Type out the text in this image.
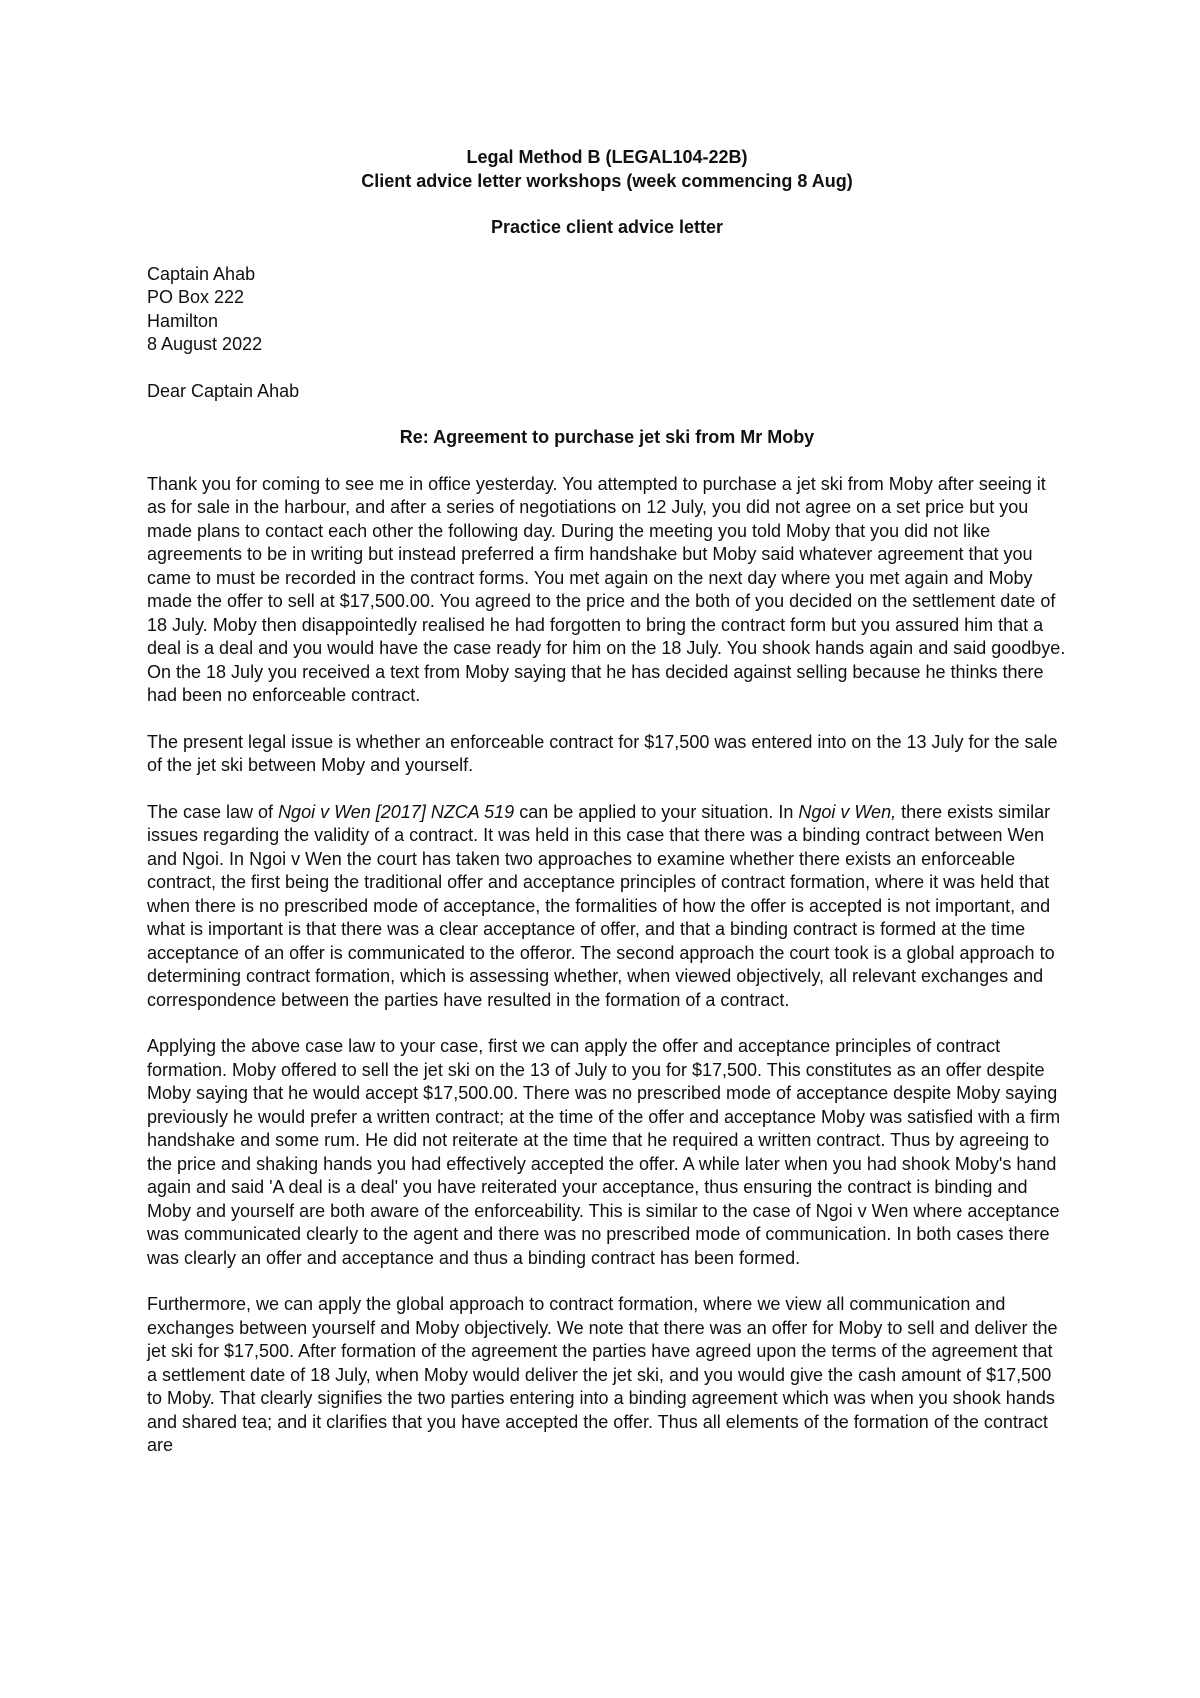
Legal Method B (LEGAL104-22B)
Client advice letter workshops (week commencing 8 Aug)
Practice client advice letter
Captain Ahab
PO Box 222
Hamilton
8 August 2022
Dear Captain Ahab
Re: Agreement to purchase jet ski from Mr Moby

Thank you for coming to see me in office yesterday. You attempted to purchase a jet ski from Moby after seeing it as for sale in the harbour, and after a series of negotiations on 12 July, you did not agree on a set price but you made plans to contact each other the following day. During the meeting you told Moby that you did not like agreements to be in writing but instead preferred a firm handshake but Moby said whatever agreement that you came to must be recorded in the contract forms. You met again on the next day where you met again and Moby made the offer to sell at $17,500.00. You agreed to the price and the both of you decided on the settlement date of 18 July. Moby then disappointedly realised he had forgotten to bring the contract form but you assured him that a deal is a deal and you would have the case ready for him on the 18 July. You shook hands again and said goodbye. On the 18 July you received a text from Moby saying that he has decided against selling because he thinks there had been no enforceable contract.

The present legal issue is whether an enforceable contract for $17,500 was entered into on the 13 July for the sale of the jet ski between Moby and yourself.

The case law of Ngoi v Wen [2017] NZCA 519 can be applied to your situation. In Ngoi v Wen, there exists similar issues regarding the validity of a contract. It was held in this case that there was a binding contract between Wen and Ngoi. In Ngoi v Wen the court has taken two approaches to examine whether there exists an enforceable contract, the first being the traditional offer and acceptance principles of contract formation, where it was held that when there is no prescribed mode of acceptance, the formalities of how the offer is accepted is not important, and what is important is that there was a clear acceptance of offer, and that a binding contract is formed at the time acceptance of an offer is communicated to the offeror. The second approach the court took is a global approach to determining contract formation, which is assessing whether, when viewed objectively, all relevant exchanges and correspondence between the parties have resulted in the formation of a contract.

Applying the above case law to your case, first we can apply the offer and acceptance principles of contract formation. Moby offered to sell the jet ski on the 13 of July to you for $17,500. This constitutes as an offer despite Moby saying that he would accept $17,500.00. There was no prescribed mode of acceptance despite Moby saying previously he would prefer a written contract; at the time of the offer and acceptance Moby was satisfied with a firm handshake and some rum. He did not reiterate at the time that he required a written contract. Thus by agreeing to the price and shaking hands you had effectively accepted the offer. A while later when you had shook Moby's hand again and said 'A deal is a deal' you have reiterated your acceptance, thus ensuring the contract is binding and Moby and yourself are both aware of the enforceability. This is similar to the case of Ngoi v Wen where acceptance was communicated clearly to the agent and there was no prescribed mode of communication. In both cases there was clearly an offer and acceptance and thus a binding contract has been formed.

Furthermore, we can apply the global approach to contract formation, where we view all communication and exchanges between yourself and Moby objectively. We note that there was an offer for Moby to sell and deliver the jet ski for $17,500. After formation of the agreement the parties have agreed upon the terms of the agreement that a settlement date of 18 July, when Moby would deliver the jet ski, and you would give the cash amount of $17,500 to Moby. That clearly signifies the two parties entering into a binding agreement which was when you shook hands and shared tea; and it clarifies that you have accepted the offer. Thus all elements of the formation of the contract are
